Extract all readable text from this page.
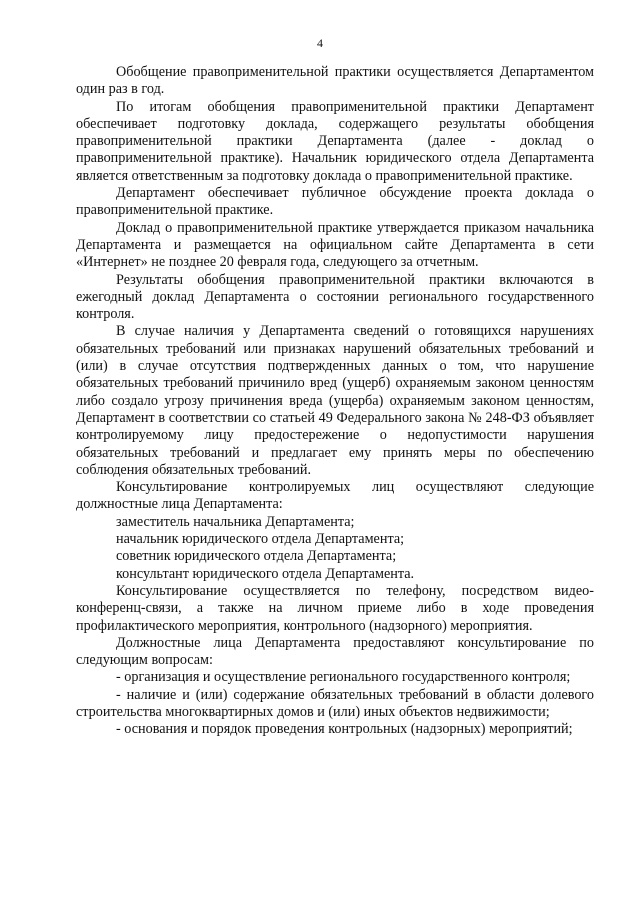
4

Обобщение правоприменительной практики осуществляется Департаментом один раз в год.

По итогам обобщения правоприменительной практики Департамент обеспечивает подготовку доклада, содержащего результаты обобщения правоприменительной практики Департамента (далее - доклад о правоприменительной практике). Начальник юридического отдела Департамента является ответственным за подготовку доклада о правоприменительной практике.

Департамент обеспечивает публичное обсуждение проекта доклада о правоприменительной практике.

Доклад о правоприменительной практике утверждается приказом начальника Департамента и размещается на официальном сайте Департамента в сети «Интернет» не позднее 20 февраля года, следующего за отчетным.

Результаты обобщения правоприменительной практики включаются в ежегодный доклад Департамента о состоянии регионального государственного контроля.

В случае наличия у Департамента сведений о готовящихся нарушениях обязательных требований или признаках нарушений обязательных требований и (или) в случае отсутствия подтвержденных данных о том, что нарушение обязательных требований причинило вред (ущерб) охраняемым законом ценностям либо создало угрозу причинения вреда (ущерба) охраняемым законом ценностям, Департамент в соответствии со статьей 49 Федерального закона № 248-ФЗ объявляет контролируемому лицу предостережение о недопустимости нарушения обязательных требований и предлагает ему принять меры по обеспечению соблюдения обязательных требований.

Консультирование контролируемых лиц осуществляют следующие должностные лица Департамента:

заместитель начальника Департамента;

начальник юридического отдела Департамента;

советник юридического отдела Департамента;

консультант юридического отдела Департамента.

Консультирование осуществляется по телефону, посредством видео-конференц-связи, а также на личном приеме либо в ходе проведения профилактического мероприятия, контрольного (надзорного) мероприятия.

Должностные лица Департамента предоставляют консультирование по следующим вопросам:

- организация и осуществление регионального государственного контроля;

- наличие и (или) содержание обязательных требований в области долевого строительства многоквартирных домов и (или) иных объектов недвижимости;

- основания и порядок проведения контрольных (надзорных) мероприятий;
